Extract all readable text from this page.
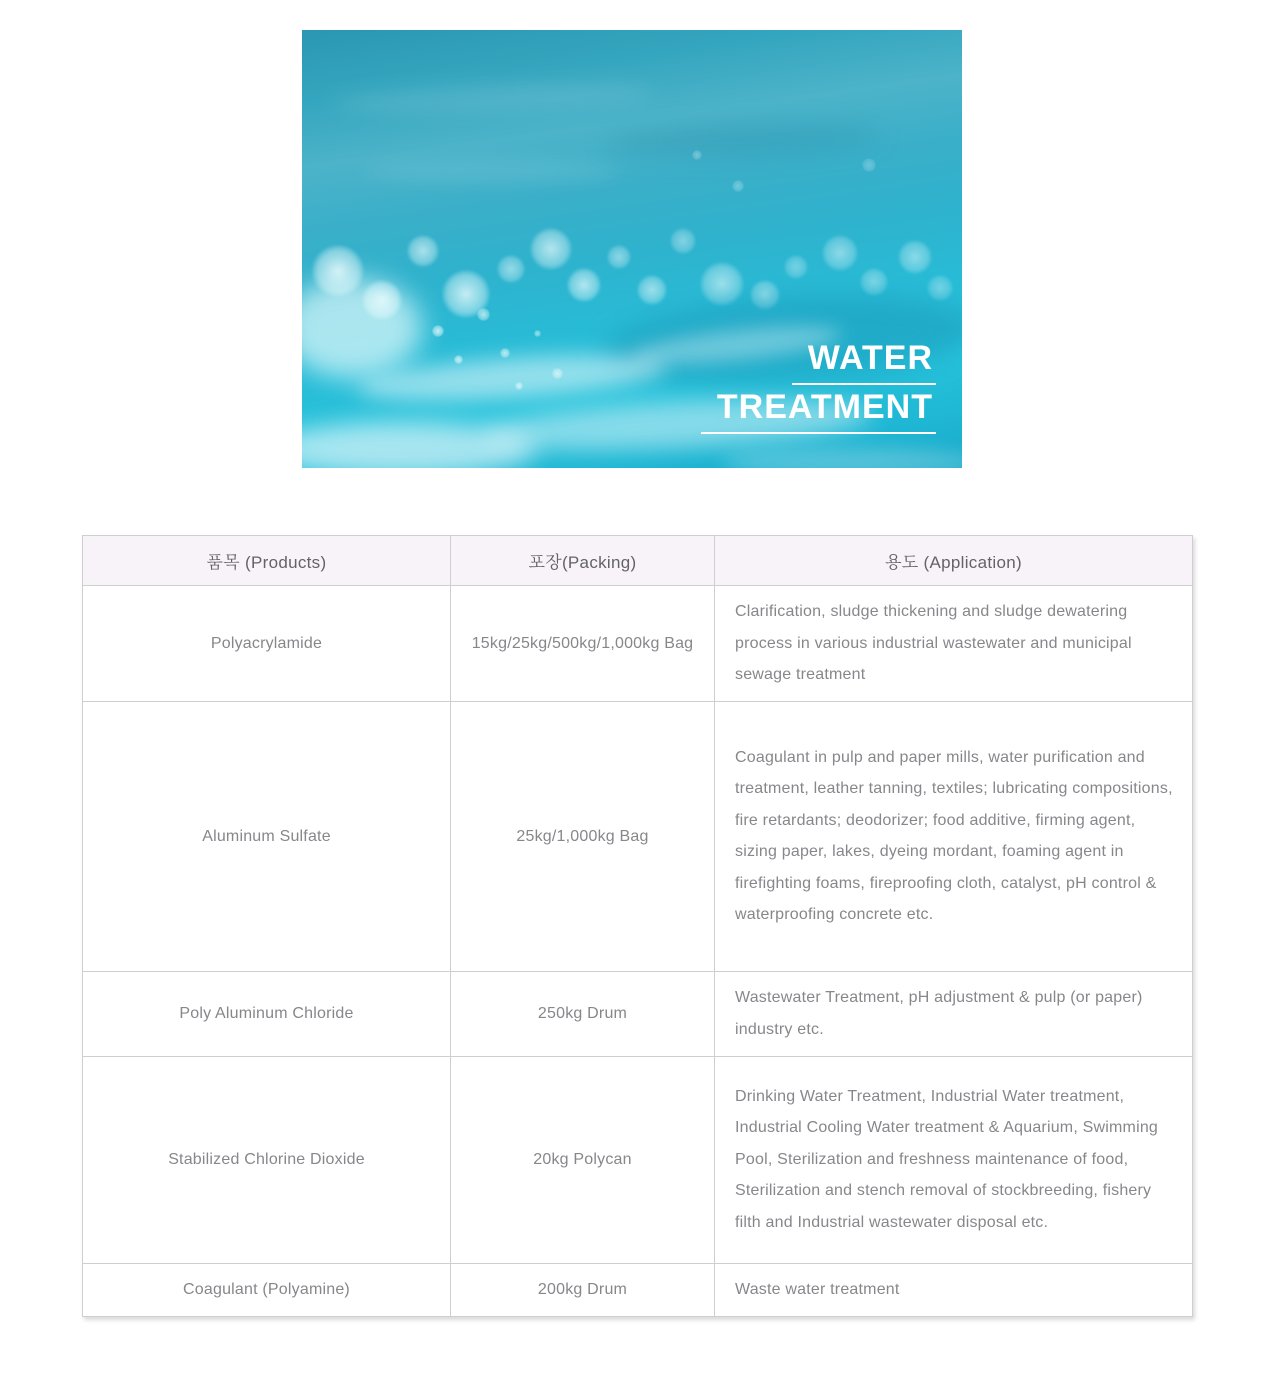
WATER
TREATMENT
품목 (Products)	포장(Packing)	용도 (Application)
Polyacrylamide	15kg/25kg/500kg/1,000kg Bag	Clarification, sludge thickening and sludge dewatering process in various industrial wastewater and municipal sewage treatment
Aluminum Sulfate	25kg/1,000kg Bag	Coagulant in pulp and paper mills, water purification and treatment, leather tanning, textiles; lubricating compositions, fire retardants; deodorizer; food additive, firming agent, sizing paper, lakes, dyeing mordant, foaming agent in firefighting foams, fireproofing cloth, catalyst, pH control & waterproofing concrete etc.
Poly Aluminum Chloride	250kg Drum	Wastewater Treatment, pH adjustment & pulp (or paper) industry etc.
Stabilized Chlorine Dioxide	20kg Polycan	Drinking Water Treatment, Industrial Water treatment, Industrial Cooling Water treatment & Aquarium, Swimming Pool, Sterilization and freshness maintenance of food, Sterilization and stench removal of stockbreeding, fishery filth and Industrial wastewater disposal etc.
Coagulant (Polyamine)	200kg Drum	Waste water treatment
